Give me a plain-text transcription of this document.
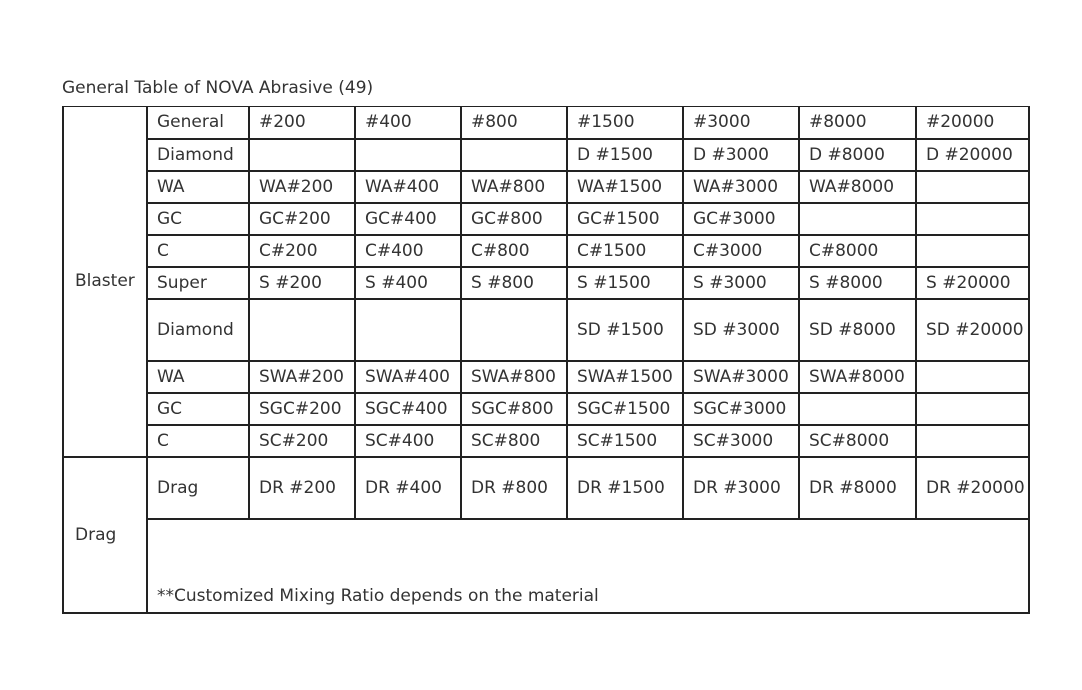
General Table of NOVA Abrasive (49)
Blaster	General	#200	#400	#800	#1500	#3000	#8000	#20000
	Diamond				D #1500	D #3000	D #8000	D #20000
	WA	WA#200	WA#400	WA#800	WA#1500	WA#3000	WA#8000	
	GC	GC#200	GC#400	GC#800	GC#1500	GC#3000		
	C	C#200	C#400	C#800	C#1500	C#3000	C#8000	
	Super	S #200	S #400	S #800	S #1500	S #3000	S #8000	S #20000
	Diamond				SD #1500	SD #3000	SD #8000	SD #20000
	WA	SWA#200	SWA#400	SWA#800	SWA#1500	SWA#3000	SWA#8000	
	GC	SGC#200	SGC#400	SGC#800	SGC#1500	SGC#3000		
	C	SC#200	SC#400	SC#800	SC#1500	SC#3000	SC#8000	
Drag	Drag	DR #200	DR #400	DR #800	DR #1500	DR #3000	DR #8000	DR #20000
	**Customized Mixing Ratio depends on the material							
